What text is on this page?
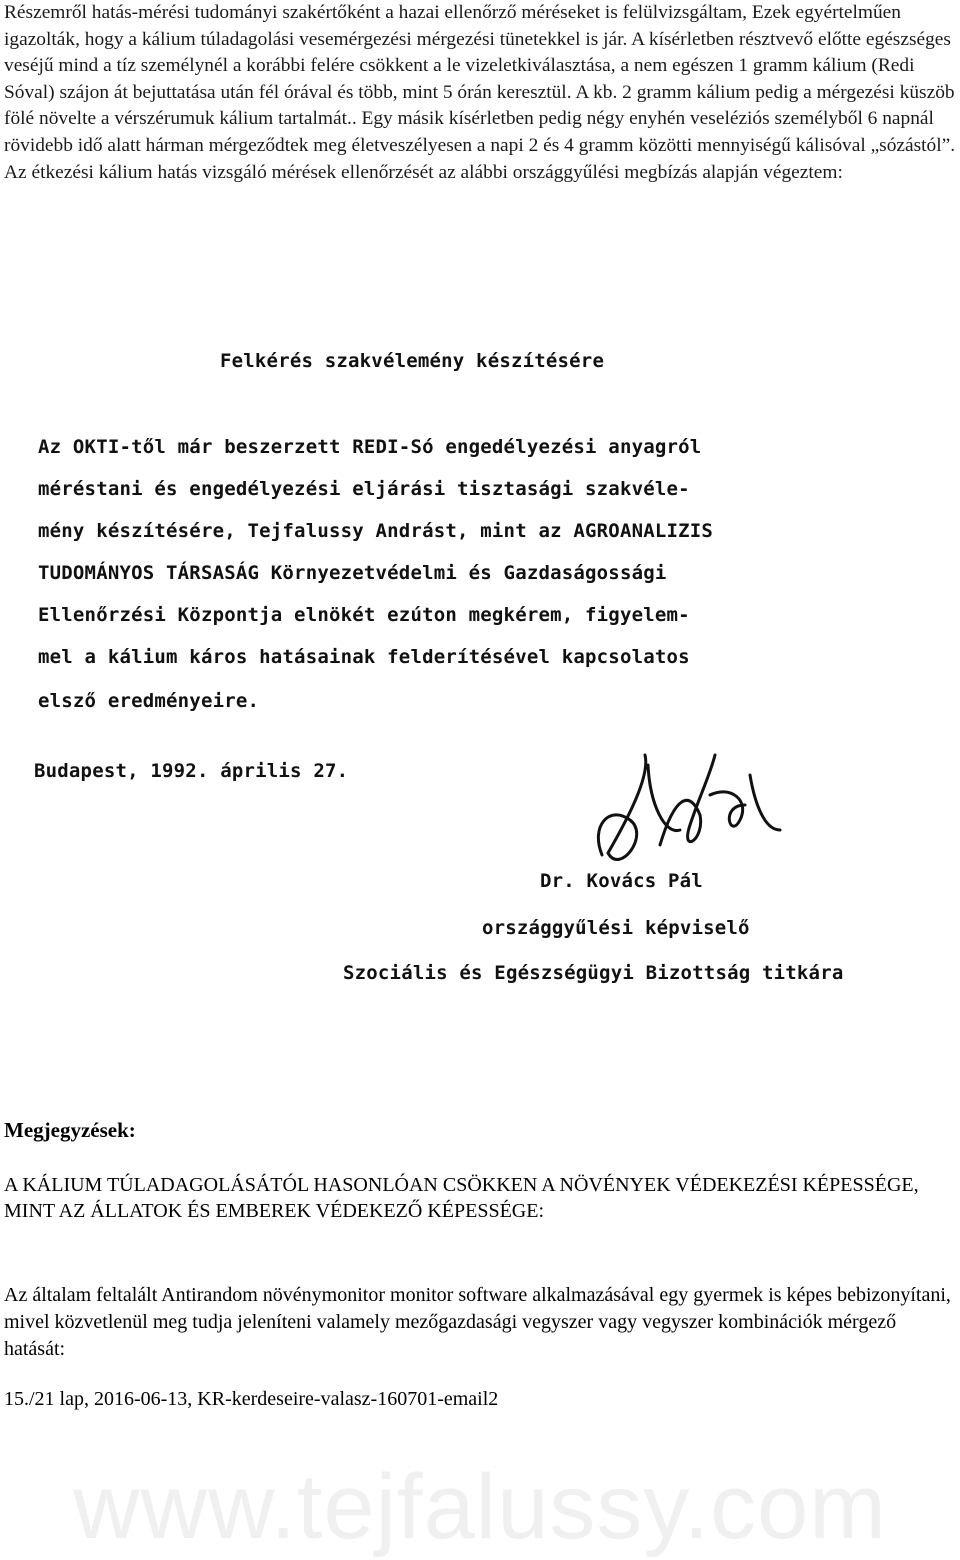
Részemről hatás-mérési tudományi szakértőként a hazai ellenőrző méréseket is felülvizsgáltam, Ezek egyértelműen igazolták, hogy a kálium túladagolási vesemérgezési mérgezési tünetekkel is jár. A kísérletben résztvevő előtte egészséges veséjű mind a tíz személynél a korábbi felére csökkent a le vizeletkiválasztása, a nem egészen 1 gramm kálium (Redi Sóval) szájon át bejuttatása után fél órával és több, mint 5 órán keresztül. A kb. 2 gramm kálium pedig a mérgezési küszöb fölé növelte a vérszérumuk kálium tartalmát.. Egy másik kísérletben pedig négy enyhén veseléziós személyből 6 napnál rövidebb idő alatt hárman mérgeződtek meg életveszélyesen a napi 2 és 4 gramm közötti mennyiségű kálisóval „sózástól”. Az étkezési kálium hatás vizsgáló mérések ellenőrzését az alábbi országgyűlési megbízás alapján végeztem:

Felkérés szakvélemény készítésére
Az OKTI-től már beszerzett REDI-Só engedélyezési anyagról
méréstani és engedélyezési eljárási tisztasági szakvéle-
mény készítésére, Tejfalussy Andrást, mint az AGROANALIZIS
TUDOMÁNYOS TÁRSASÁG Környezetvédelmi és Gazdaságossági
Ellenőrzési Központja elnökét ezúton megkérem, figyelem-
mel a kálium káros hatásainak felderítésével kapcsolatos
elsző eredményeire.
Budapest, 1992. április 27.
Dr. Kovács Pál
országgyűlési képviselő
Szociális és Egészségügyi Bizottság titkára

Megjegyzések:

A KÁLIUM TÚLADAGOLÁSÁTÓL HASONLÓAN CSÖKKEN A NÖVÉNYEK VÉDEKEZÉSI KÉPESSÉGE, MINT AZ ÁLLATOK ÉS EMBEREK VÉDEKEZŐ KÉPESSÉGE:

Az általam feltalált Antirandom növénymonitor monitor software alkalmazásával egy gyermek is képes bebizonyítani, mivel közvetlenül meg tudja jeleníteni valamely mezőgazdasági vegyszer vagy vegyszer kombinációk mérgező hatását:

15./21 lap, 2016-06-13, KR-kerdeseire-valasz-160701-email2

www.tejfalussy.com
